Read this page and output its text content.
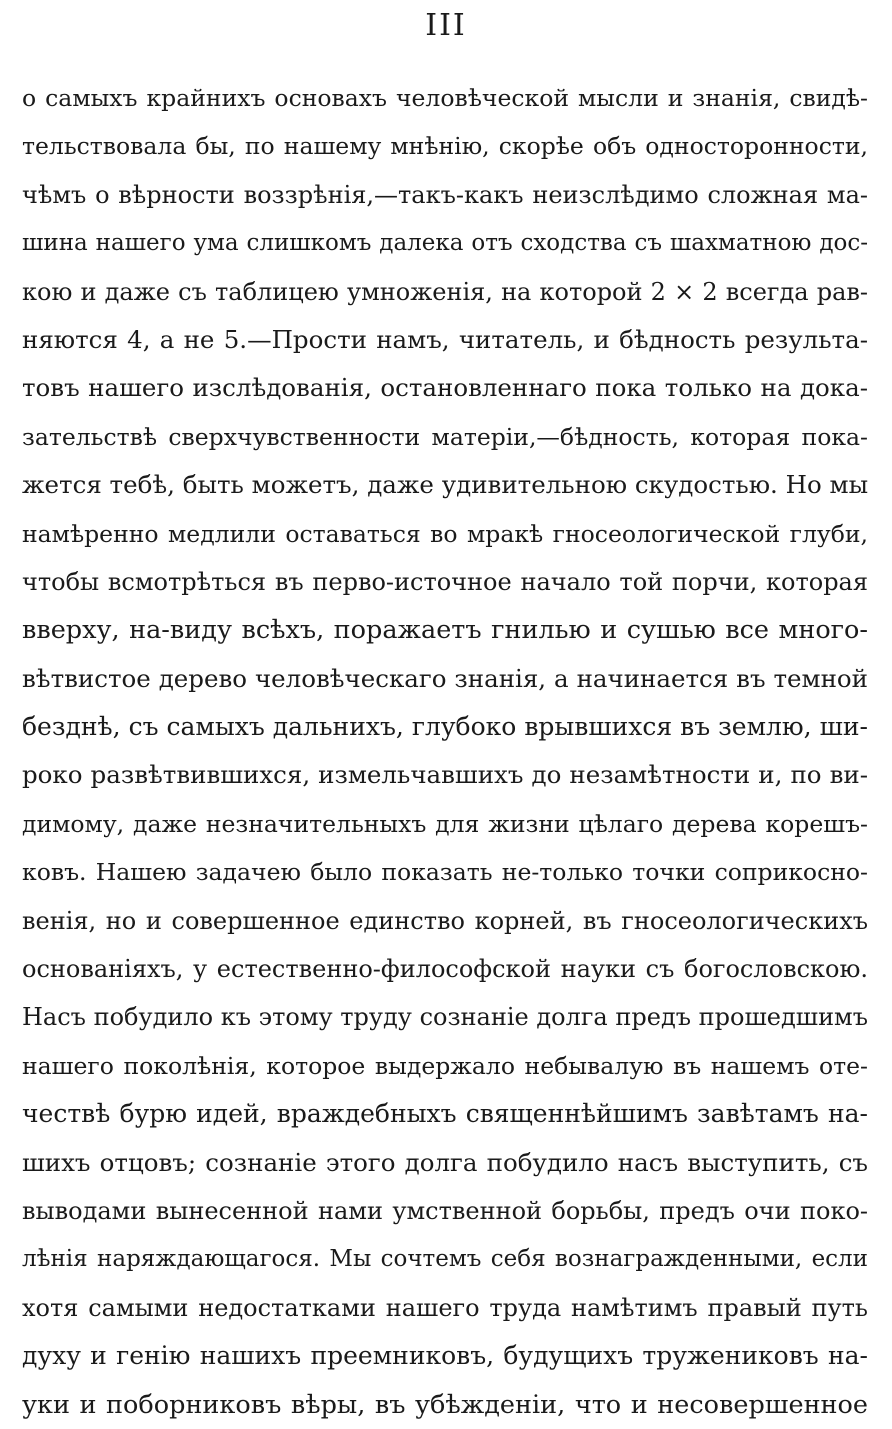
III
о самыхъ крайнихъ основахъ человѣческой мысли и знанія, свидѣ-
тельствовала бы, по нашему мнѣнію, скорѣе объ односторонности,
чѣмъ о вѣрности воззрѣнія,—такъ-какъ неизслѣдимо сложная ма-
шина нашего ума слишкомъ далека отъ сходства съ шахматною дос-
кою и даже съ таблицею умноженія, на которой 2 × 2 всегда рав-
няются 4, а не 5.—Прости намъ, читатель, и бѣдность результа-
товъ нашего изслѣдованія, остановленнаго пока только на дока-
зательствѣ сверхчувственности матеріи,—бѣдность, которая пока-
жется тебѣ, быть можетъ, даже удивительною скудостью. Но мы
намѣренно медлили оставаться во мракѣ гносеологической глуби,
чтобы всмотрѣться въ перво-источное начало той порчи, которая
вверху, на-виду всѣхъ, поражаетъ гнилью и сушью все много-
вѣтвистое дерево человѣческаго знанія, а начинается въ темной
безднѣ, съ самыхъ дальнихъ, глубоко врывшихся въ землю, ши-
роко развѣтвившихся, измельчавшихъ до незамѣтности и, по ви-
димому, даже незначительныхъ для жизни цѣлаго дерева корешъ-
ковъ. Нашею задачею было показать не-только точки соприкосно-
венія, но и совершенное единство корней, въ гносеологическихъ
основаніяхъ, у естественно-философской науки съ богословскою.
Насъ побудило къ этому труду сознаніе долга предъ прошедшимъ
нашего поколѣнія, которое выдержало небывалую въ нашемъ оте-
чествѣ бурю идей, враждебныхъ священнѣйшимъ завѣтамъ на-
шихъ отцовъ; сознаніе этого долга побудило насъ выступить, съ
выводами вынесенной нами умственной борьбы, предъ очи поко-
лѣнія наряждающагося. Мы сочтемъ себя вознагражденными, если
хотя самыми недостатками нашего труда намѣтимъ правый путь
духу и генію нашихъ преемниковъ, будущихъ тружениковъ на-
уки и поборниковъ вѣры, въ убѣжденіи, что и несовершенное
